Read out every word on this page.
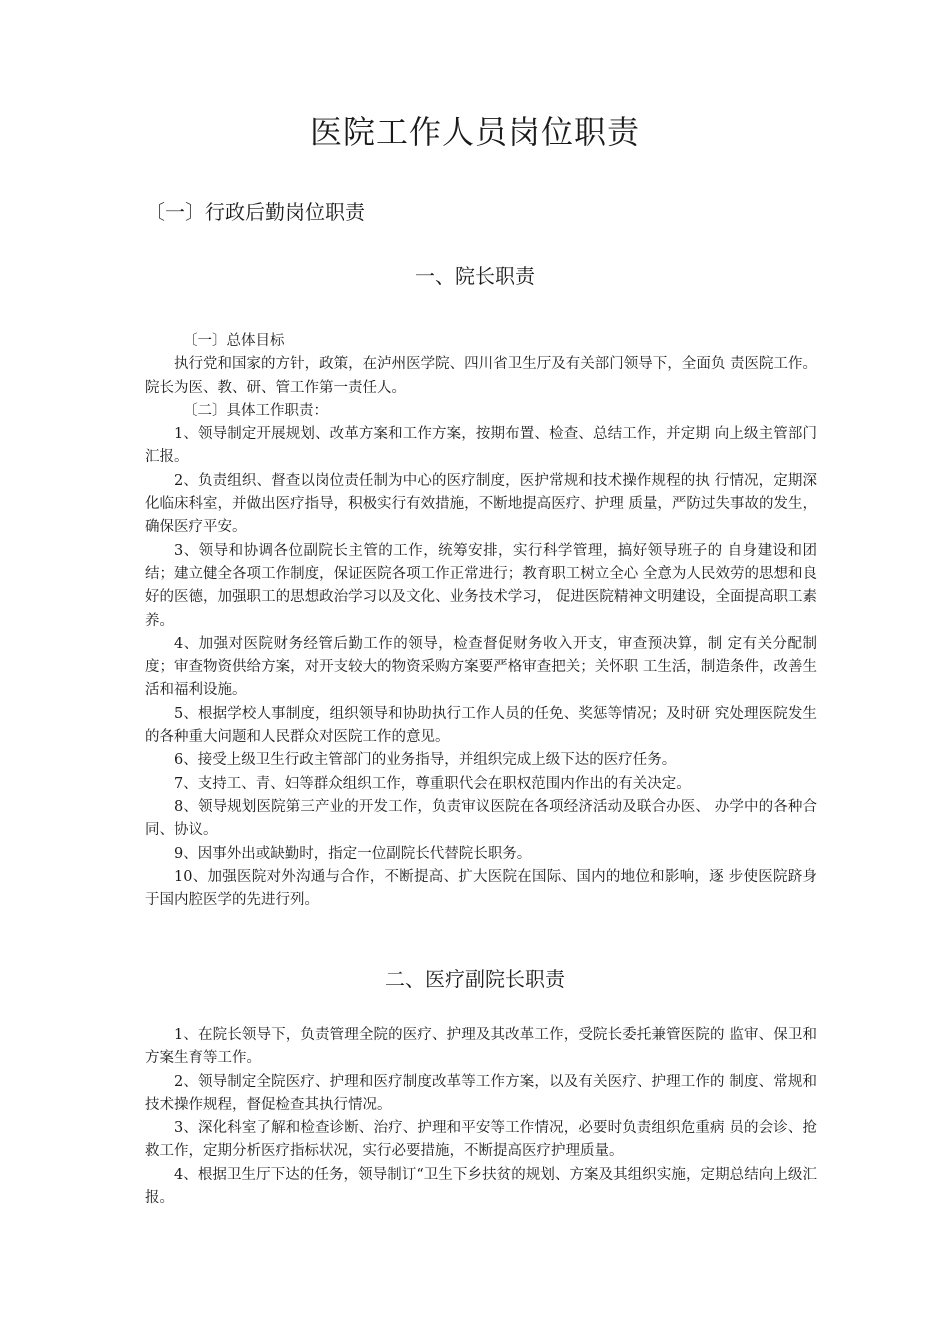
医院工作人员岗位职责
〔一〕行政后勤岗位职责
一、院长职责

〔一〕总体目标

执行党和国家的方针，政策，在泸州医学院、四川省卫生厅及有关部门领导下，全面负 责医院工作。院长为医、教、研、管工作第一责任人。

〔二〕具体工作职责：

1、领导制定开展规划、改革方案和工作方案，按期布置、检查、总结工作，并定期 向上级主管部门汇报。

2、负责组织、督查以岗位责任制为中心的医疗制度，医护常规和技术操作规程的执 行情况，定期深化临床科室，并做出医疗指导，积极实行有效措施，不断地提高医疗、护理 质量，严防过失事故的发生，确保医疗平安。

3、领导和协调各位副院长主管的工作，统筹安排，实行科学管理，搞好领导班子的 自身建设和团结；建立健全各项工作制度，保证医院各项工作正常进行；教育职工树立全心 全意为人民效劳的思想和良好的医德，加强职工的思想政治学习以及文化、业务技术学习， 促进医院精神文明建设，全面提高职工素养。

4、加强对医院财务经管后勤工作的领导，检查督促财务收入开支，审查预决算，制 定有关分配制度；审查物资供给方案，对开支较大的物资采购方案要严格审查把关；关怀职 工生活，制造条件，改善生活和福利设施。

5、根据学校人事制度，组织领导和协助执行工作人员的任免、奖惩等情况；及时研 究处理医院发生的各种重大问题和人民群众对医院工作的意见。

6、接受上级卫生行政主管部门的业务指导，并组织完成上级下达的医疗任务。

7、支持工、青、妇等群众组织工作，尊重职代会在职权范围内作出的有关决定。

8、领导规划医院第三产业的开发工作，负责审议医院在各项经济活动及联合办医、 办学中的各种合同、协议。

9、因事外出或缺勤时，指定一位副院长代替院长职务。

10、加强医院对外沟通与合作，不断提高、扩大医院在国际、国内的地位和影响，逐 步使医院跻身于国内腔医学的先进行列。

二、医疗副院长职责

1、在院长领导下，负责管理全院的医疗、护理及其改革工作，受院长委托兼管医院的 监审、保卫和方案生育等工作。

2、领导制定全院医疗、护理和医疗制度改革等工作方案，以及有关医疗、护理工作的 制度、常规和技术操作规程，督促检查其执行情况。

3、深化科室了解和检查诊断、治疗、护理和平安等工作情况，必要时负责组织危重病 员的会诊、抢救工作，定期分析医疗指标状况，实行必要措施，不断提高医疗护理质量。

4、根据卫生厅下达的任务，领导制订“卫生下乡扶贫的规划、方案及其组织实施，定期总结向上级汇报。
